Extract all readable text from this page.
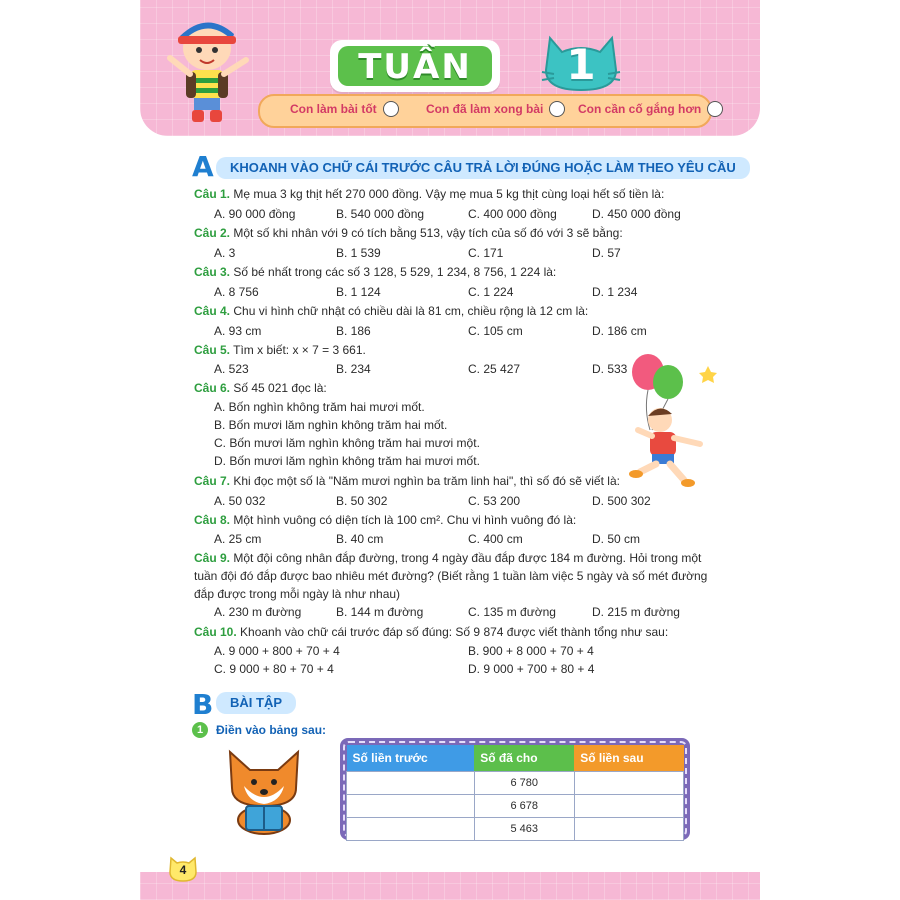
TUẦN	1
Con làm bài tốt	Con đã làm xong bài	Con cần cố gắng hơn
A	KHOANH VÀO CHỮ CÁI TRƯỚC CÂU TRẢ LỜI ĐÚNG HOẶC LÀM THEO YÊU CẦU
Câu 1. Mẹ mua 3 kg thịt hết 270 000 đồng. Vậy mẹ mua 5 kg thịt cùng loại hết số tiền là:
A. 90 000 đồng	B. 540 000 đồng	C. 400 000 đồng	D. 450 000 đồng
Câu 2. Một số khi nhân với 9 có tích bằng 513, vậy tích của số đó với 3 sẽ bằng:
A. 3	B. 1 539	C. 171	D. 57
Câu 3. Số bé nhất trong các số 3 128, 5 529, 1 234, 8 756, 1 224 là:
A. 8 756	B. 1 124	C. 1 224	D. 1 234
Câu 4. Chu vi hình chữ nhật có chiều dài là 81 cm, chiều rộng là 12 cm là:
A. 93 cm	B. 186	C. 105 cm	D. 186 cm
Câu 5. Tìm x biết: x × 7 = 3 661.
A. 523	B. 234	C. 25 427	D. 533
Câu 6. Số 45 021 đọc là:
A. Bốn nghìn không trăm hai mươi mốt.
B. Bốn mươi lăm nghìn không trăm hai mốt.
C. Bốn mươi lăm nghìn không trăm hai mươi một.
D. Bốn mươi lăm nghìn không trăm hai mươi mốt.
Câu 7. Khi đọc một số là "Năm mươi nghìn ba trăm linh hai", thì số đó sẽ viết là:
A. 50 032	B. 50 302	C. 53 200	D. 500 302
Câu 8. Một hình vuông có diện tích là 100 cm². Chu vi hình vuông đó là:
A. 25 cm	B. 40 cm	C. 400 cm	D. 50 cm
Câu 9. Một đội công nhân đắp đường, trong 4 ngày đầu đắp được 184 m đường. Hỏi trong một
tuần đội đó đắp được bao nhiêu mét đường? (Biết rằng 1 tuần làm việc 5 ngày và số mét đường
đắp được trong mỗi ngày là như nhau)
A. 230 m đường	B. 144 m đường	C. 135 m đường	D. 215 m đường
Câu 10. Khoanh vào chữ cái trước đáp số đúng: Số 9 874 được viết thành tổng như sau:
A. 9 000 + 800 + 70 + 4	B. 900 + 8 000 + 70 + 4
C. 9 000 + 80 + 70 + 4	D. 9 000 + 700 + 80 + 4
B	BÀI TẬP
1	Điền vào bảng sau:
Số liền trước	Số đã cho	Số liền sau
	6 780	
	6 678	
	5 463	
4
